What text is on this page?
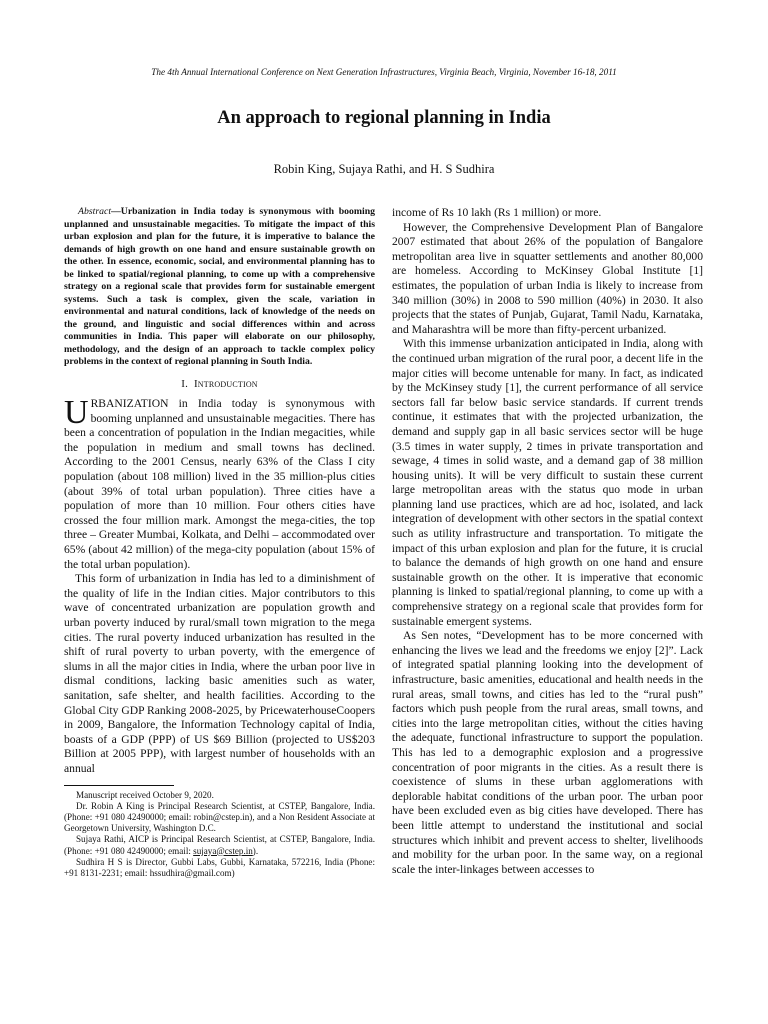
The 4th Annual International Conference on Next Generation Infrastructures, Virginia Beach, Virginia, November 16-18, 2011
An approach to regional planning in India
Robin King, Sujaya Rathi, and H. S Sudhira

Abstract—Urbanization in India today is synonymous with booming unplanned and unsustainable megacities. To mitigate the impact of this urban explosion and plan for the future, it is imperative to balance the demands of high growth on one hand and ensure sustainable growth on the other. In essence, economic, social, and environmental planning has to be linked to spatial/regional planning, to come up with a comprehensive strategy on a regional scale that provides form for sustainable emergent systems. Such a task is complex, given the scale, variation in environmental and natural conditions, lack of knowledge of the needs on the ground, and linguistic and social differences within and across communities in India. This paper will elaborate on our philosophy, methodology, and the design of an approach to tackle complex policy problems in the context of regional planning in South India.

I. Introduction

URBANIZATION in India today is synonymous with booming unplanned and unsustainable megacities. There has been a concentration of population in the Indian megacities, while the population in medium and small towns has declined. According to the 2001 Census, nearly 63% of the Class I city population (about 108 million) lived in the 35 million-plus cities (about 39% of total urban population). Three cities have a population of more than 10 million. Four others cities have crossed the four million mark. Amongst the mega-cities, the top three – Greater Mumbai, Kolkata, and Delhi – accommodated over 65% (about 42 million) of the mega-city population (about 15% of the total urban population).

This form of urbanization in India has led to a diminishment of the quality of life in the Indian cities. Major contributors to this wave of concentrated urbanization are population growth and urban poverty induced by rural/small town migration to the mega cities. The rural poverty induced urbanization has resulted in the shift of rural poverty to urban poverty, with the emergence of slums in all the major cities in India, where the urban poor live in dismal conditions, lacking basic amenities such as water, sanitation, safe shelter, and health facilities. According to the Global City GDP Ranking 2008-2025, by PricewaterhouseCoopers in 2009, Bangalore, the Information Technology capital of India, boasts of a GDP (PPP) of US $69 Billion (projected to US$203 Billion at 2005 PPP), with largest number of households with an annual

Manuscript received October 9, 2020.

Dr. Robin A King is Principal Research Scientist, at CSTEP, Bangalore, India. (Phone: +91 080 42490000; email: robin@cstep.in), and a Non Resident Associate at Georgetown University, Washington D.C.

Sujaya Rathi, AICP is Principal Research Scientist, at CSTEP, Bangalore, India. (Phone: +91 080 42490000; email: sujaya@cstep.in).

Sudhira H S is Director, Gubbi Labs, Gubbi, Karnataka, 572216, India (Phone: +91 8131-2231; email: hssudhira@gmail.com)

income of Rs 10 lakh (Rs 1 million) or more.

However, the Comprehensive Development Plan of Bangalore 2007 estimated that about 26% of the population of Bangalore metropolitan area live in squatter settlements and another 80,000 are homeless. According to McKinsey Global Institute [1] estimates, the population of urban India is likely to increase from 340 million (30%) in 2008 to 590 million (40%) in 2030. It also projects that the states of Punjab, Gujarat, Tamil Nadu, Karnataka, and Maharashtra will be more than fifty-percent urbanized.

With this immense urbanization anticipated in India, along with the continued urban migration of the rural poor, a decent life in the major cities will become untenable for many. In fact, as indicated by the McKinsey study [1], the current performance of all service sectors fall far below basic service standards. If current trends continue, it estimates that with the projected urbanization, the demand and supply gap in all basic services sector will be huge (3.5 times in water supply, 2 times in private transportation and sewage, 4 times in solid waste, and a demand gap of 38 million housing units). It will be very difficult to sustain these current large metropolitan areas with the status quo mode in urban planning land use practices, which are ad hoc, isolated, and lack integration of development with other sectors in the spatial context such as utility infrastructure and transportation. To mitigate the impact of this urban explosion and plan for the future, it is crucial to balance the demands of high growth on one hand and ensure sustainable growth on the other. It is imperative that economic planning is linked to spatial/regional planning, to come up with a comprehensive strategy on a regional scale that provides form for sustainable emergent systems.

As Sen notes, “Development has to be more concerned with enhancing the lives we lead and the freedoms we enjoy [2]”. Lack of integrated spatial planning looking into the development of infrastructure, basic amenities, educational and health needs in the rural areas, small towns, and cities has led to the “rural push” factors which push people from the rural areas, small towns, and cities into the large metropolitan cities, without the cities having the adequate, functional infrastructure to support the population. This has led to a demographic explosion and a progressive concentration of poor migrants in the cities. As a result there is coexistence of slums in these urban agglomerations with deplorable habitat conditions of the urban poor. The urban poor have been excluded even as big cities have developed. There has been little attempt to understand the institutional and social structures which inhibit and prevent access to shelter, livelihoods and mobility for the urban poor. In the same way, on a regional scale the inter-linkages between accesses to
